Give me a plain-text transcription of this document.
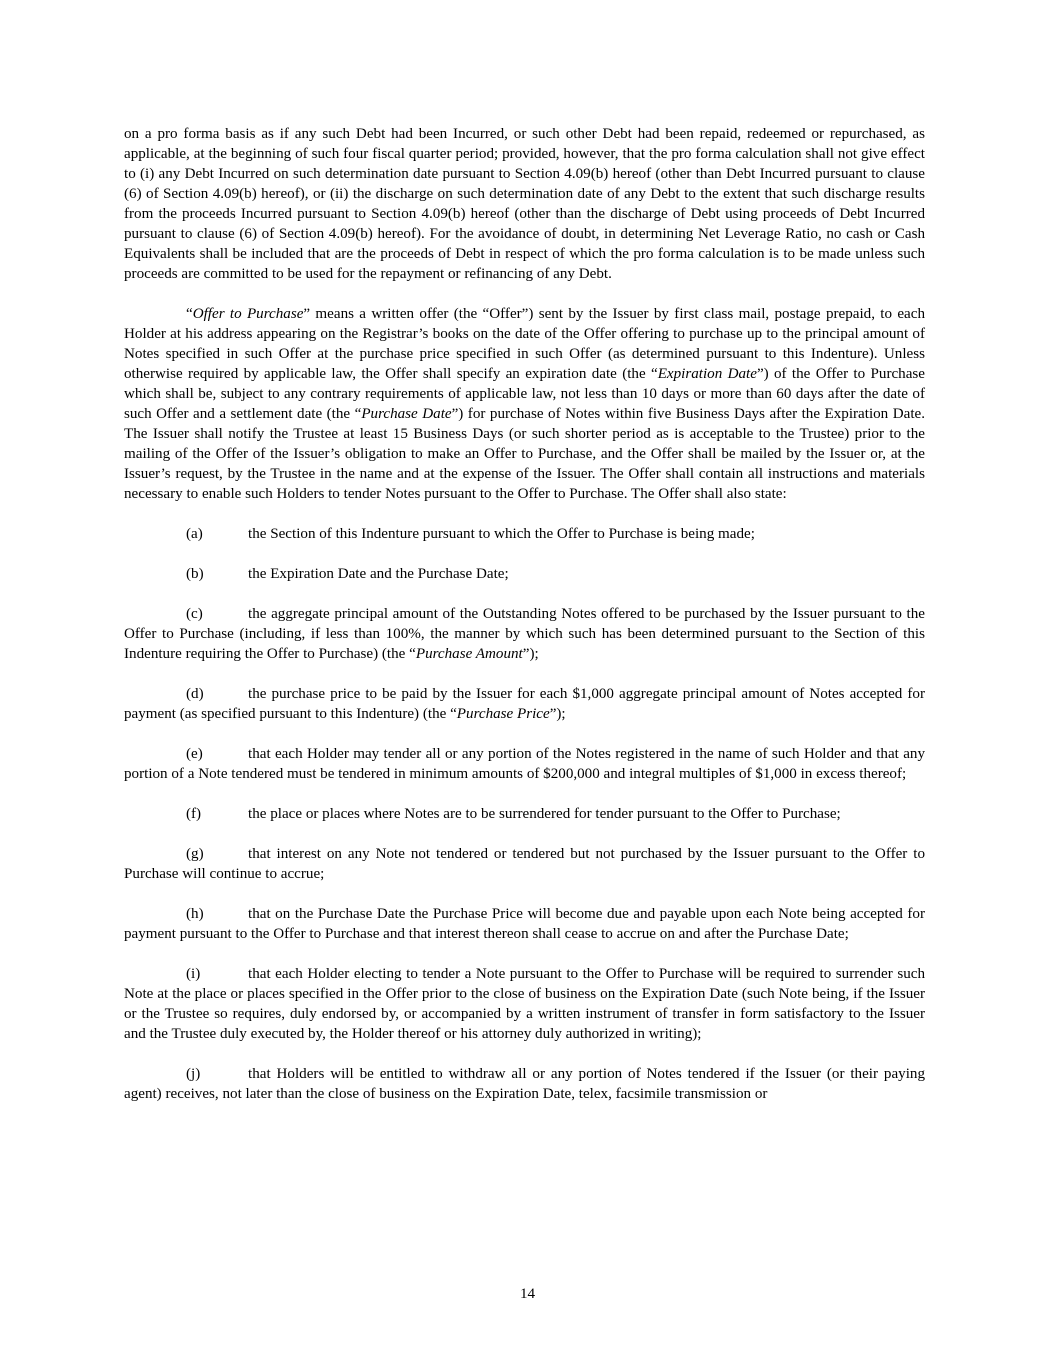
on a pro forma basis as if any such Debt had been Incurred, or such other Debt had been repaid, redeemed or repurchased, as applicable, at the beginning of such four fiscal quarter period; provided, however, that the pro forma calculation shall not give effect to (i) any Debt Incurred on such determination date pursuant to Section 4.09(b) hereof (other than Debt Incurred pursuant to clause (6) of Section 4.09(b) hereof), or (ii) the discharge on such determination date of any Debt to the extent that such discharge results from the proceeds Incurred pursuant to Section 4.09(b) hereof (other than the discharge of Debt using proceeds of Debt Incurred pursuant to clause (6) of Section 4.09(b) hereof). For the avoidance of doubt, in determining Net Leverage Ratio, no cash or Cash Equivalents shall be included that are the proceeds of Debt in respect of which the pro forma calculation is to be made unless such proceeds are committed to be used for the repayment or refinancing of any Debt.

“Offer to Purchase” means a written offer (the “Offer”) sent by the Issuer by first class mail, postage prepaid, to each Holder at his address appearing on the Registrar’s books on the date of the Offer offering to purchase up to the principal amount of Notes specified in such Offer at the purchase price specified in such Offer (as determined pursuant to this Indenture). Unless otherwise required by applicable law, the Offer shall specify an expiration date (the “Expiration Date”) of the Offer to Purchase which shall be, subject to any contrary requirements of applicable law, not less than 10 days or more than 60 days after the date of such Offer and a settlement date (the “Purchase Date”) for purchase of Notes within five Business Days after the Expiration Date. The Issuer shall notify the Trustee at least 15 Business Days (or such shorter period as is acceptable to the Trustee) prior to the mailing of the Offer of the Issuer’s obligation to make an Offer to Purchase, and the Offer shall be mailed by the Issuer or, at the Issuer’s request, by the Trustee in the name and at the expense of the Issuer. The Offer shall contain all instructions and materials necessary to enable such Holders to tender Notes pursuant to the Offer to Purchase. The Offer shall also state:

(a)	the Section of this Indenture pursuant to which the Offer to Purchase is being made;

(b)	the Expiration Date and the Purchase Date;

(c)	the aggregate principal amount of the Outstanding Notes offered to be purchased by the Issuer pursuant to the Offer to Purchase (including, if less than 100%, the manner by which such has been determined pursuant to the Section of this Indenture requiring the Offer to Purchase) (the “Purchase Amount”);

(d)	the purchase price to be paid by the Issuer for each $1,000 aggregate principal amount of Notes accepted for payment (as specified pursuant to this Indenture) (the “Purchase Price”);

(e)	that each Holder may tender all or any portion of the Notes registered in the name of such Holder and that any portion of a Note tendered must be tendered in minimum amounts of $200,000 and integral multiples of $1,000 in excess thereof;

(f)	the place or places where Notes are to be surrendered for tender pursuant to the Offer to Purchase;

(g)	that interest on any Note not tendered or tendered but not purchased by the Issuer pursuant to the Offer to Purchase will continue to accrue;

(h)	that on the Purchase Date the Purchase Price will become due and payable upon each Note being accepted for payment pursuant to the Offer to Purchase and that interest thereon shall cease to accrue on and after the Purchase Date;

(i)	that each Holder electing to tender a Note pursuant to the Offer to Purchase will be required to surrender such Note at the place or places specified in the Offer prior to the close of business on the Expiration Date (such Note being, if the Issuer or the Trustee so requires, duly endorsed by, or accompanied by a written instrument of transfer in form satisfactory to the Issuer and the Trustee duly executed by, the Holder thereof or his attorney duly authorized in writing);

(j)	that Holders will be entitled to withdraw all or any portion of Notes tendered if the Issuer (or their paying agent) receives, not later than the close of business on the Expiration Date, telex, facsimile transmission or

14
